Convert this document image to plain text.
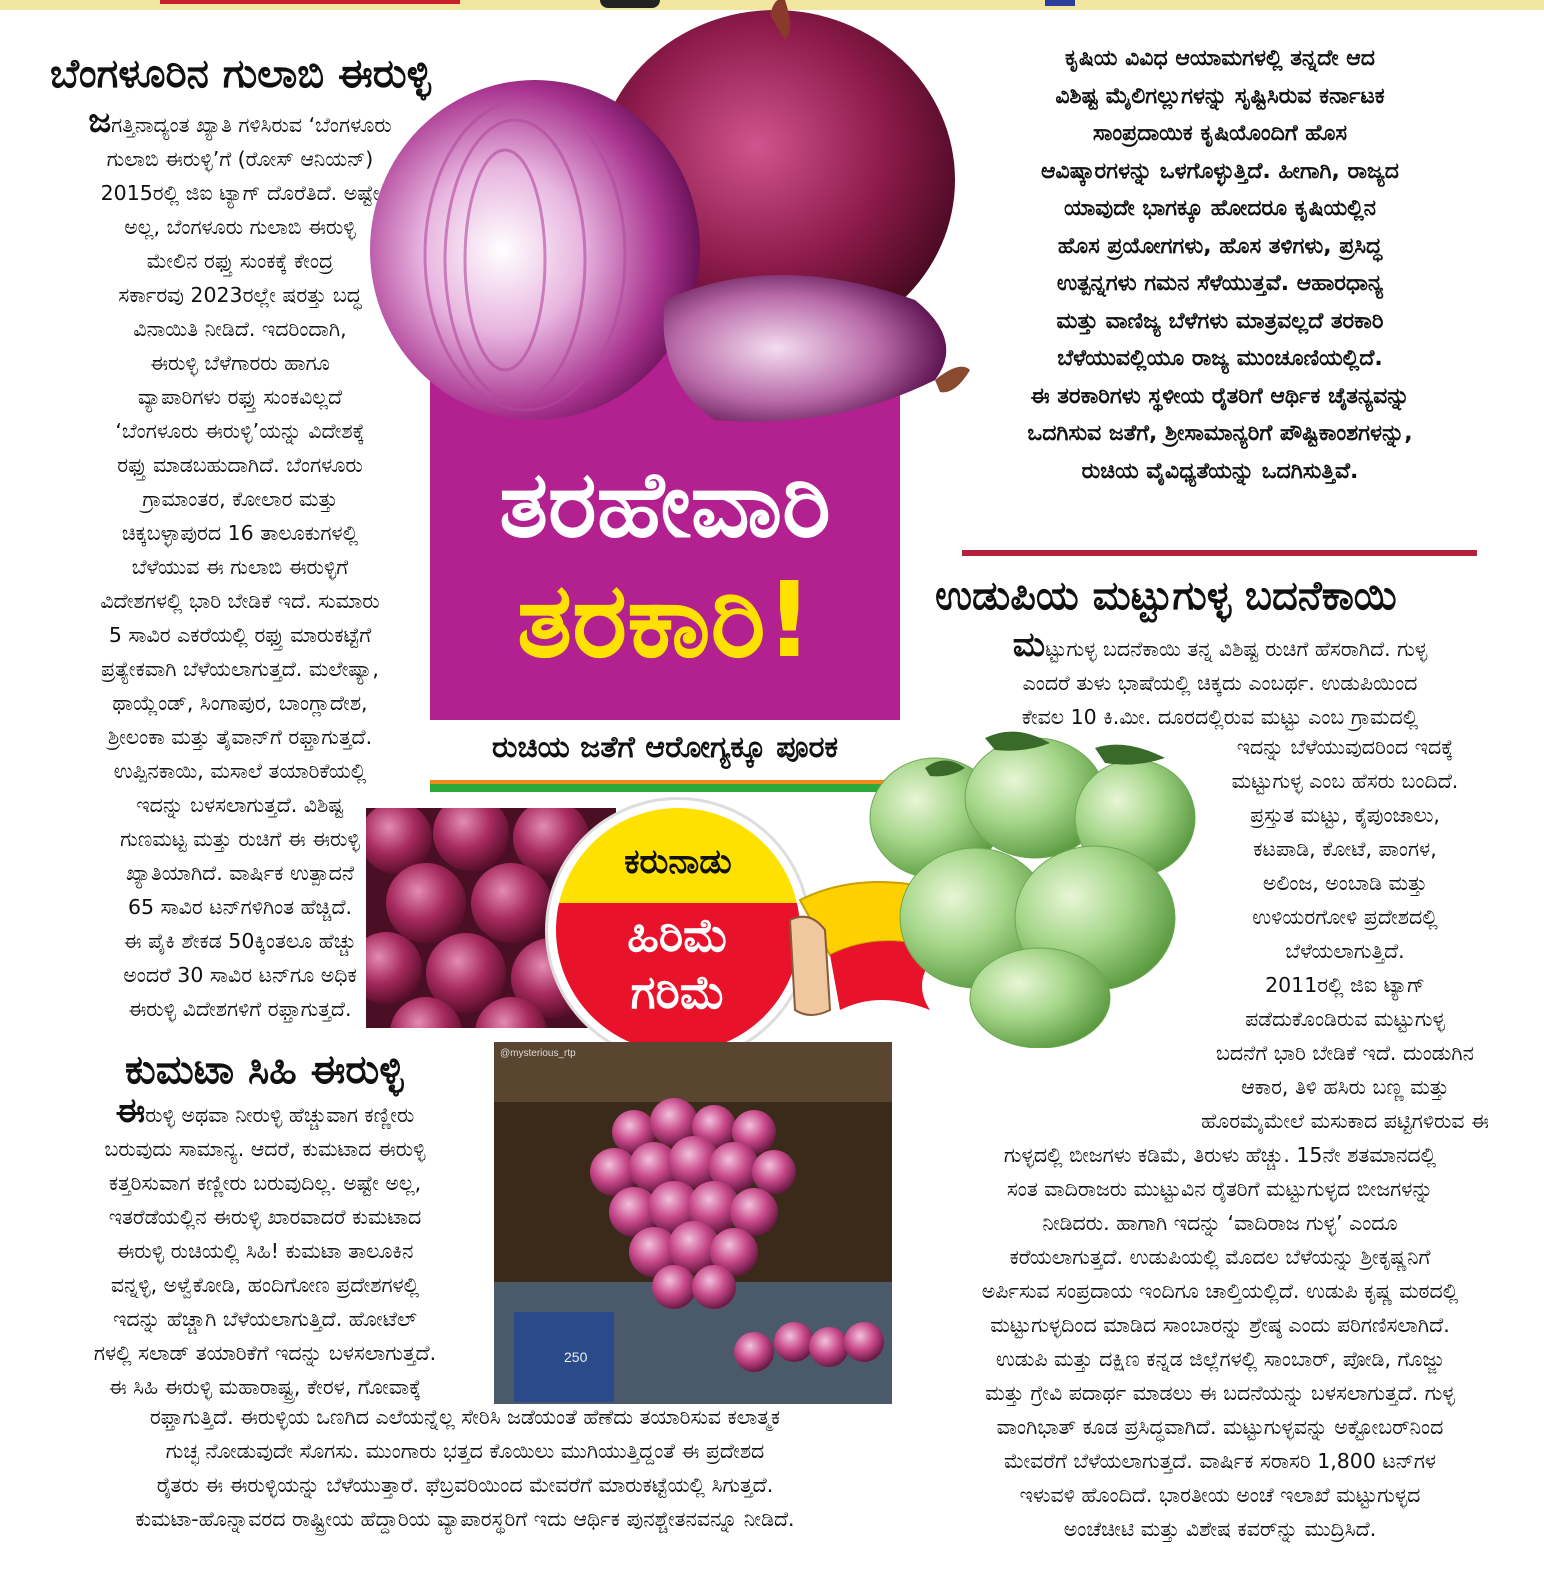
ಬೆಂಗಳೂರಿನ ಗುಲಾಬಿ ಈರುಳ್ಳಿ
ಜಗತ್ತಿನಾದ್ಯಂತ ಖ್ಯಾತಿ ಗಳಿಸಿರುವ ‘ಬೆಂಗಳೂರು
ಗುಲಾಬಿ ಈರುಳ್ಳಿ’ಗೆ (ರೋಸ್ ಆನಿಯನ್)
2015ರಲ್ಲಿ ಜಿಐ ಟ್ಯಾಗ್ ದೊರೆತಿದೆ. ಅಷ್ಟೇ
ಅಲ್ಲ, ಬೆಂಗಳೂರು ಗುಲಾಬಿ ಈರುಳ್ಳಿ
ಮೇಲಿನ ರಫ್ತು ಸುಂಕಕ್ಕೆ ಕೇಂದ್ರ
ಸರ್ಕಾರವು 2023ರಲ್ಲೇ ಷರತ್ತು ಬದ್ಧ
ವಿನಾಯಿತಿ ನೀಡಿದೆ. ಇದರಿಂದಾಗಿ,
ಈರುಳ್ಳಿ ಬೆಳೆಗಾರರು ಹಾಗೂ
ವ್ಯಾಪಾರಿಗಳು ರಫ್ತು ಸುಂಕವಿಲ್ಲದೆ
‘ಬೆಂಗಳೂರು ಈರುಳ್ಳಿ’ಯನ್ನು ವಿದೇಶಕ್ಕೆ
ರಫ್ತು ಮಾಡಬಹುದಾಗಿದೆ. ಬೆಂಗಳೂರು
ಗ್ರಾಮಾಂತರ, ಕೋಲಾರ ಮತ್ತು
ಚಿಕ್ಕಬಳ್ಳಾಪುರದ 16 ತಾಲೂಕುಗಳಲ್ಲಿ
ಬೆಳೆಯುವ ಈ ಗುಲಾಬಿ ಈರುಳ್ಳಿಗೆ
ವಿದೇಶಗಳಲ್ಲಿ ಭಾರಿ ಬೇಡಿಕೆ ಇದೆ. ಸುಮಾರು
5 ಸಾವಿರ ಎಕರೆಯಲ್ಲಿ ರಫ್ತು ಮಾರುಕಟ್ಟೆಗೆ
ಪ್ರತ್ಯೇಕವಾಗಿ ಬೆಳೆಯಲಾಗುತ್ತದೆ. ಮಲೇಷ್ಯಾ,
ಥಾಯ್ಲೆಂಡ್, ಸಿಂಗಾಪುರ, ಬಾಂಗ್ಲಾದೇಶ,
ಶ್ರೀಲಂಕಾ ಮತ್ತು ತೈವಾನ್‌ಗೆ ರಫ್ತಾಗುತ್ತದೆ.
ಉಪ್ಪಿನಕಾಯಿ, ಮಸಾಲೆ ತಯಾರಿಕೆಯಲ್ಲಿ
ಇದನ್ನು ಬಳಸಲಾಗುತ್ತದೆ. ವಿಶಿಷ್ಟ
ಗುಣಮಟ್ಟ ಮತ್ತು ರುಚಿಗೆ ಈ ಈರುಳ್ಳಿ
ಖ್ಯಾತಿಯಾಗಿದೆ. ವಾರ್ಷಿಕ ಉತ್ಪಾದನೆ
65 ಸಾವಿರ ಟನ್‌ಗಳಿಗಿಂತ ಹೆಚ್ಚಿದೆ.
ಈ ಪೈಕಿ ಶೇಕಡ 50ಕ್ಕಿಂತಲೂ ಹೆಚ್ಚು
ಅಂದರೆ 30 ಸಾವಿರ ಟನ್‌ಗೂ ಅಧಿಕ
ಈರುಳ್ಳಿ ವಿದೇಶಗಳಿಗೆ ರಫ್ತಾಗುತ್ತದೆ.
ತರಹೇವಾರಿ
ತರಕಾರಿ!
ರುಚಿಯ ಜತೆಗೆ ಆರೋಗ್ಯಕ್ಕೂ ಪೂರಕ
ಕೃಷಿಯ ವಿವಿಧ ಆಯಾಮಗಳಲ್ಲಿ ತನ್ನದೇ ಆದ
ವಿಶಿಷ್ಟ ಮೈಲಿಗಲ್ಲುಗಳನ್ನು ಸೃಷ್ಟಿಸಿರುವ ಕರ್ನಾಟಕ
ಸಾಂಪ್ರದಾಯಿಕ ಕೃಷಿಯೊಂದಿಗೆ ಹೊಸ
ಆವಿಷ್ಕಾರಗಳನ್ನು ಒಳಗೊಳ್ಳುತ್ತಿದೆ. ಹೀಗಾಗಿ, ರಾಜ್ಯದ
ಯಾವುದೇ ಭಾಗಕ್ಕೂ ಹೋದರೂ ಕೃಷಿಯಲ್ಲಿನ
ಹೊಸ ಪ್ರಯೋಗಗಳು, ಹೊಸ ತಳಿಗಳು, ಪ್ರಸಿದ್ಧ
ಉತ್ಪನ್ನಗಳು ಗಮನ ಸೆಳೆಯುತ್ತವೆ. ಆಹಾರಧಾನ್ಯ
ಮತ್ತು ವಾಣಿಜ್ಯ ಬೆಳೆಗಳು ಮಾತ್ರವಲ್ಲದೆ ತರಕಾರಿ
ಬೆಳೆಯುವಲ್ಲಿಯೂ ರಾಜ್ಯ ಮುಂಚೂಣಿಯಲ್ಲಿದೆ.
ಈ ತರಕಾರಿಗಳು ಸ್ಥಳೀಯ ರೈತರಿಗೆ ಆರ್ಥಿಕ ಚೈತನ್ಯವನ್ನು
ಒದಗಿಸುವ ಜತೆಗೆ, ಶ್ರೀಸಾಮಾನ್ಯರಿಗೆ ಪೌಷ್ಟಿಕಾಂಶಗಳನ್ನು,
ರುಚಿಯ ವೈವಿಧ್ಯತೆಯನ್ನು ಒದಗಿಸುತ್ತಿವೆ.
ಕರುನಾಡು
ಹಿರಿಮೆ
ಗರಿಮೆ
ಕುಮಟಾ ಸಿಹಿ ಈರುಳ್ಳಿ
ಈರುಳ್ಳಿ ಅಥವಾ ನೀರುಳ್ಳಿ ಹೆಚ್ಚುವಾಗ ಕಣ್ಣೀರು
ಬರುವುದು ಸಾಮಾನ್ಯ. ಆದರೆ, ಕುಮಟಾದ ಈರುಳ್ಳಿ
ಕತ್ತರಿಸುವಾಗ ಕಣ್ಣೀರು ಬರುವುದಿಲ್ಲ. ಅಷ್ಟೇ ಅಲ್ಲ,
ಇತರೆಡೆಯಲ್ಲಿನ ಈರುಳ್ಳಿ ಖಾರವಾದರೆ ಕುಮಟಾದ
ಈರುಳ್ಳಿ ರುಚಿಯಲ್ಲಿ ಸಿಹಿ! ಕುಮಟಾ ತಾಲೂಕಿನ
ವನ್ನಳ್ಳಿ, ಅಳ್ವೆಕೋಡಿ, ಹಂದಿಗೋಣ ಪ್ರದೇಶಗಳಲ್ಲಿ
ಇದನ್ನು ಹೆಚ್ಚಾಗಿ ಬೆಳೆಯಲಾಗುತ್ತಿದೆ. ಹೋಟೆಲ್
ಗಳಲ್ಲಿ ಸಲಾಡ್ ತಯಾರಿಕೆಗೆ ಇದನ್ನು ಬಳಸಲಾಗುತ್ತದೆ.
ಈ ಸಿಹಿ ಈರುಳ್ಳಿ ಮಹಾರಾಷ್ಟ್ರ, ಕೇರಳ, ಗೋವಾಕ್ಕೆ
ರಫ್ತಾಗುತ್ತಿದೆ. ಈರುಳ್ಳಿಯ ಒಣಗಿದ ಎಲೆಯನ್ನೆಲ್ಲ ಸೇರಿಸಿ ಜಡೆಯಂತೆ ಹೆಣೆದು ತಯಾರಿಸುವ ಕಲಾತ್ಮಕ
ಗುಚ್ಛ ನೋಡುವುದೇ ಸೊಗಸು. ಮುಂಗಾರು ಭತ್ತದ ಕೊಯಿಲು ಮುಗಿಯುತ್ತಿದ್ದಂತೆ ಈ ಪ್ರದೇಶದ
ರೈತರು ಈ ಈರುಳ್ಳಿಯನ್ನು ಬೆಳೆಯುತ್ತಾರೆ. ಫೆಬ್ರವರಿಯಿಂದ ಮೇವರೆಗೆ ಮಾರುಕಟ್ಟೆಯಲ್ಲಿ ಸಿಗುತ್ತದೆ.
ಕುಮಟಾ-ಹೊನ್ನಾವರದ ರಾಷ್ಟ್ರೀಯ ಹೆದ್ದಾರಿಯ ವ್ಯಾಪಾರಸ್ಥರಿಗೆ ಇದು ಆರ್ಥಿಕ ಪುನಶ್ಚೇತನವನ್ನೂ ನೀಡಿದೆ.
@mysterious_rtp
250
ಉಡುಪಿಯ ಮಟ್ಟುಗುಳ್ಳ ಬದನೆಕಾಯಿ
ಮಟ್ಟುಗುಳ್ಳ ಬದನೆಕಾಯಿ ತನ್ನ ವಿಶಿಷ್ಟ ರುಚಿಗೆ ಹೆಸರಾಗಿದೆ. ಗುಳ್ಳ
ಎಂದರೆ ತುಳು ಭಾಷೆಯಲ್ಲಿ ಚಿಕ್ಕದು ಎಂಬರ್ಥ. ಉಡುಪಿಯಿಂದ
ಕೇವಲ 10 ಕಿ.ಮೀ. ದೂರದಲ್ಲಿರುವ ಮಟ್ಟು ಎಂಬ ಗ್ರಾಮದಲ್ಲಿ
ಇದನ್ನು ಬೆಳೆಯುವುದರಿಂದ ಇದಕ್ಕೆ
ಮಟ್ಟುಗುಳ್ಳ ಎಂಬ ಹೆಸರು ಬಂದಿದೆ.
ಪ್ರಸ್ತುತ ಮಟ್ಟು, ಕೈಪುಂಜಾಲು,
ಕಟಪಾಡಿ, ಕೋಟೆ, ಪಾಂಗಳ,
ಅಲಿಂಜ, ಅಂಬಾಡಿ ಮತ್ತು
ಉಳಿಯರಗೋಳಿ ಪ್ರದೇಶದಲ್ಲಿ
ಬೆಳೆಯಲಾಗುತ್ತಿದೆ.
2011ರಲ್ಲಿ ಜಿಐ ಟ್ಯಾಗ್
ಪಡೆದುಕೊಂಡಿರುವ ಮಟ್ಟುಗುಳ್ಳ
ಬದನೆಗೆ ಭಾರಿ ಬೇಡಿಕೆ ಇದೆ. ದುಂಡುಗಿನ
ಆಕಾರ, ತಿಳಿ ಹಸಿರು ಬಣ್ಣ ಮತ್ತು
ಹೊರಮೈಮೇಲೆ ಮಸುಕಾದ ಪಟ್ಟಿಗಳಿರುವ ಈ
ಗುಳ್ಳದಲ್ಲಿ ಬೀಜಗಳು ಕಡಿಮೆ, ತಿರುಳು ಹೆಚ್ಚು. 15ನೇ ಶತಮಾನದಲ್ಲಿ
ಸಂತ ವಾದಿರಾಜರು ಮುಟ್ಟುವಿನ ರೈತರಿಗೆ ಮಟ್ಟುಗುಳ್ಳದ ಬೀಜಗಳನ್ನು
ನೀಡಿದರು. ಹಾಗಾಗಿ ಇದನ್ನು ‘ವಾದಿರಾಜ ಗುಳ್ಳ’ ಎಂದೂ
ಕರೆಯಲಾಗುತ್ತದೆ. ಉಡುಪಿಯಲ್ಲಿ ಮೊದಲ ಬೆಳೆಯನ್ನು ಶ್ರೀಕೃಷ್ಣನಿಗೆ
ಅರ್ಪಿಸುವ ಸಂಪ್ರದಾಯ ಇಂದಿಗೂ ಚಾಲ್ತಿಯಲ್ಲಿದೆ. ಉಡುಪಿ ಕೃಷ್ಣ ಮಠದಲ್ಲಿ
ಮಟ್ಟುಗುಳ್ಳದಿಂದ ಮಾಡಿದ ಸಾಂಬಾರನ್ನು ಶ್ರೇಷ್ಠ ಎಂದು ಪರಿಗಣಿಸಲಾಗಿದೆ.
ಉಡುಪಿ ಮತ್ತು ದಕ್ಷಿಣ ಕನ್ನಡ ಜಿಲ್ಲೆಗಳಲ್ಲಿ ಸಾಂಬಾರ್, ಪೋಡಿ, ಗೊಜ್ಜು
ಮತ್ತು ಗ್ರೇವಿ ಪದಾರ್ಥ ಮಾಡಲು ಈ ಬದನೆಯನ್ನು ಬಳಸಲಾಗುತ್ತದೆ. ಗುಳ್ಳ
ವಾಂಗಿಭಾತ್ ಕೂಡ ಪ್ರಸಿದ್ಧವಾಗಿದೆ. ಮಟ್ಟುಗುಳ್ಳವನ್ನು ಅಕ್ಟೋಬರ್‌ನಿಂದ
ಮೇವರೆಗೆ ಬೆಳೆಯಲಾಗುತ್ತದೆ. ವಾರ್ಷಿಕ ಸರಾಸರಿ 1,800 ಟನ್‌ಗಳ
ಇಳುವಳಿ ಹೊಂದಿದೆ. ಭಾರತೀಯ ಅಂಚೆ ಇಲಾಖೆ ಮಟ್ಟುಗುಳ್ಳದ
ಅಂಚೆಚೀಟಿ ಮತ್ತು ವಿಶೇಷ ಕವರ್‌ನ್ನು ಮುದ್ರಿಸಿದೆ.
